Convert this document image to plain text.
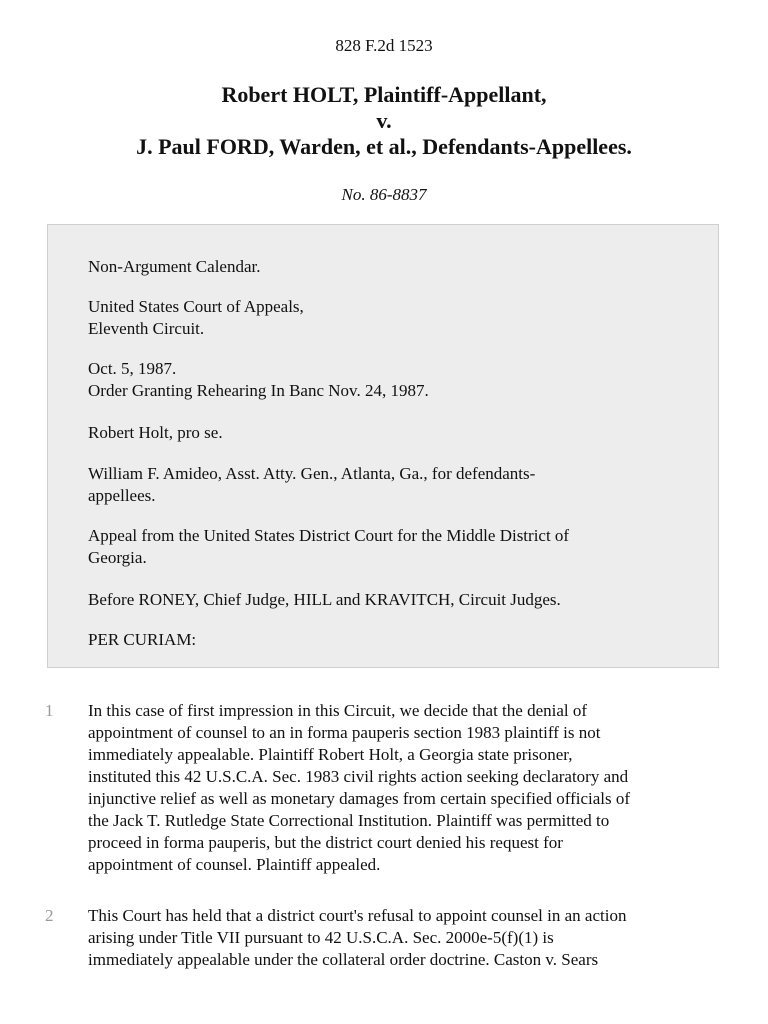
828 F.2d 1523
Robert HOLT, Plaintiff-Appellant,
v.
J. Paul FORD, Warden, et al., Defendants-Appellees.
No. 86-8837
Non-Argument Calendar.
United States Court of Appeals,
Eleventh Circuit.
Oct. 5, 1987.
Order Granting Rehearing In Banc Nov. 24, 1987.
Robert Holt, pro se.
William F. Amideo, Asst. Atty. Gen., Atlanta, Ga., for defendants-
appellees.
Appeal from the United States District Court for the Middle District of
Georgia.
Before RONEY, Chief Judge, HILL and KRAVITCH, Circuit Judges.
PER CURIAM:
1	In this case of first impression in this Circuit, we decide that the denial of
appointment of counsel to an in forma pauperis section 1983 plaintiff is not
immediately appealable. Plaintiff Robert Holt, a Georgia state prisoner,
instituted this 42 U.S.C.A. Sec. 1983 civil rights action seeking declaratory and
injunctive relief as well as monetary damages from certain specified officials of
the Jack T. Rutledge State Correctional Institution. Plaintiff was permitted to
proceed in forma pauperis, but the district court denied his request for
appointment of counsel. Plaintiff appealed.
2	This Court has held that a district court's refusal to appoint counsel in an action
arising under Title VII pursuant to 42 U.S.C.A. Sec. 2000e-5(f)(1) is
immediately appealable under the collateral order doctrine. Caston v. Sears
